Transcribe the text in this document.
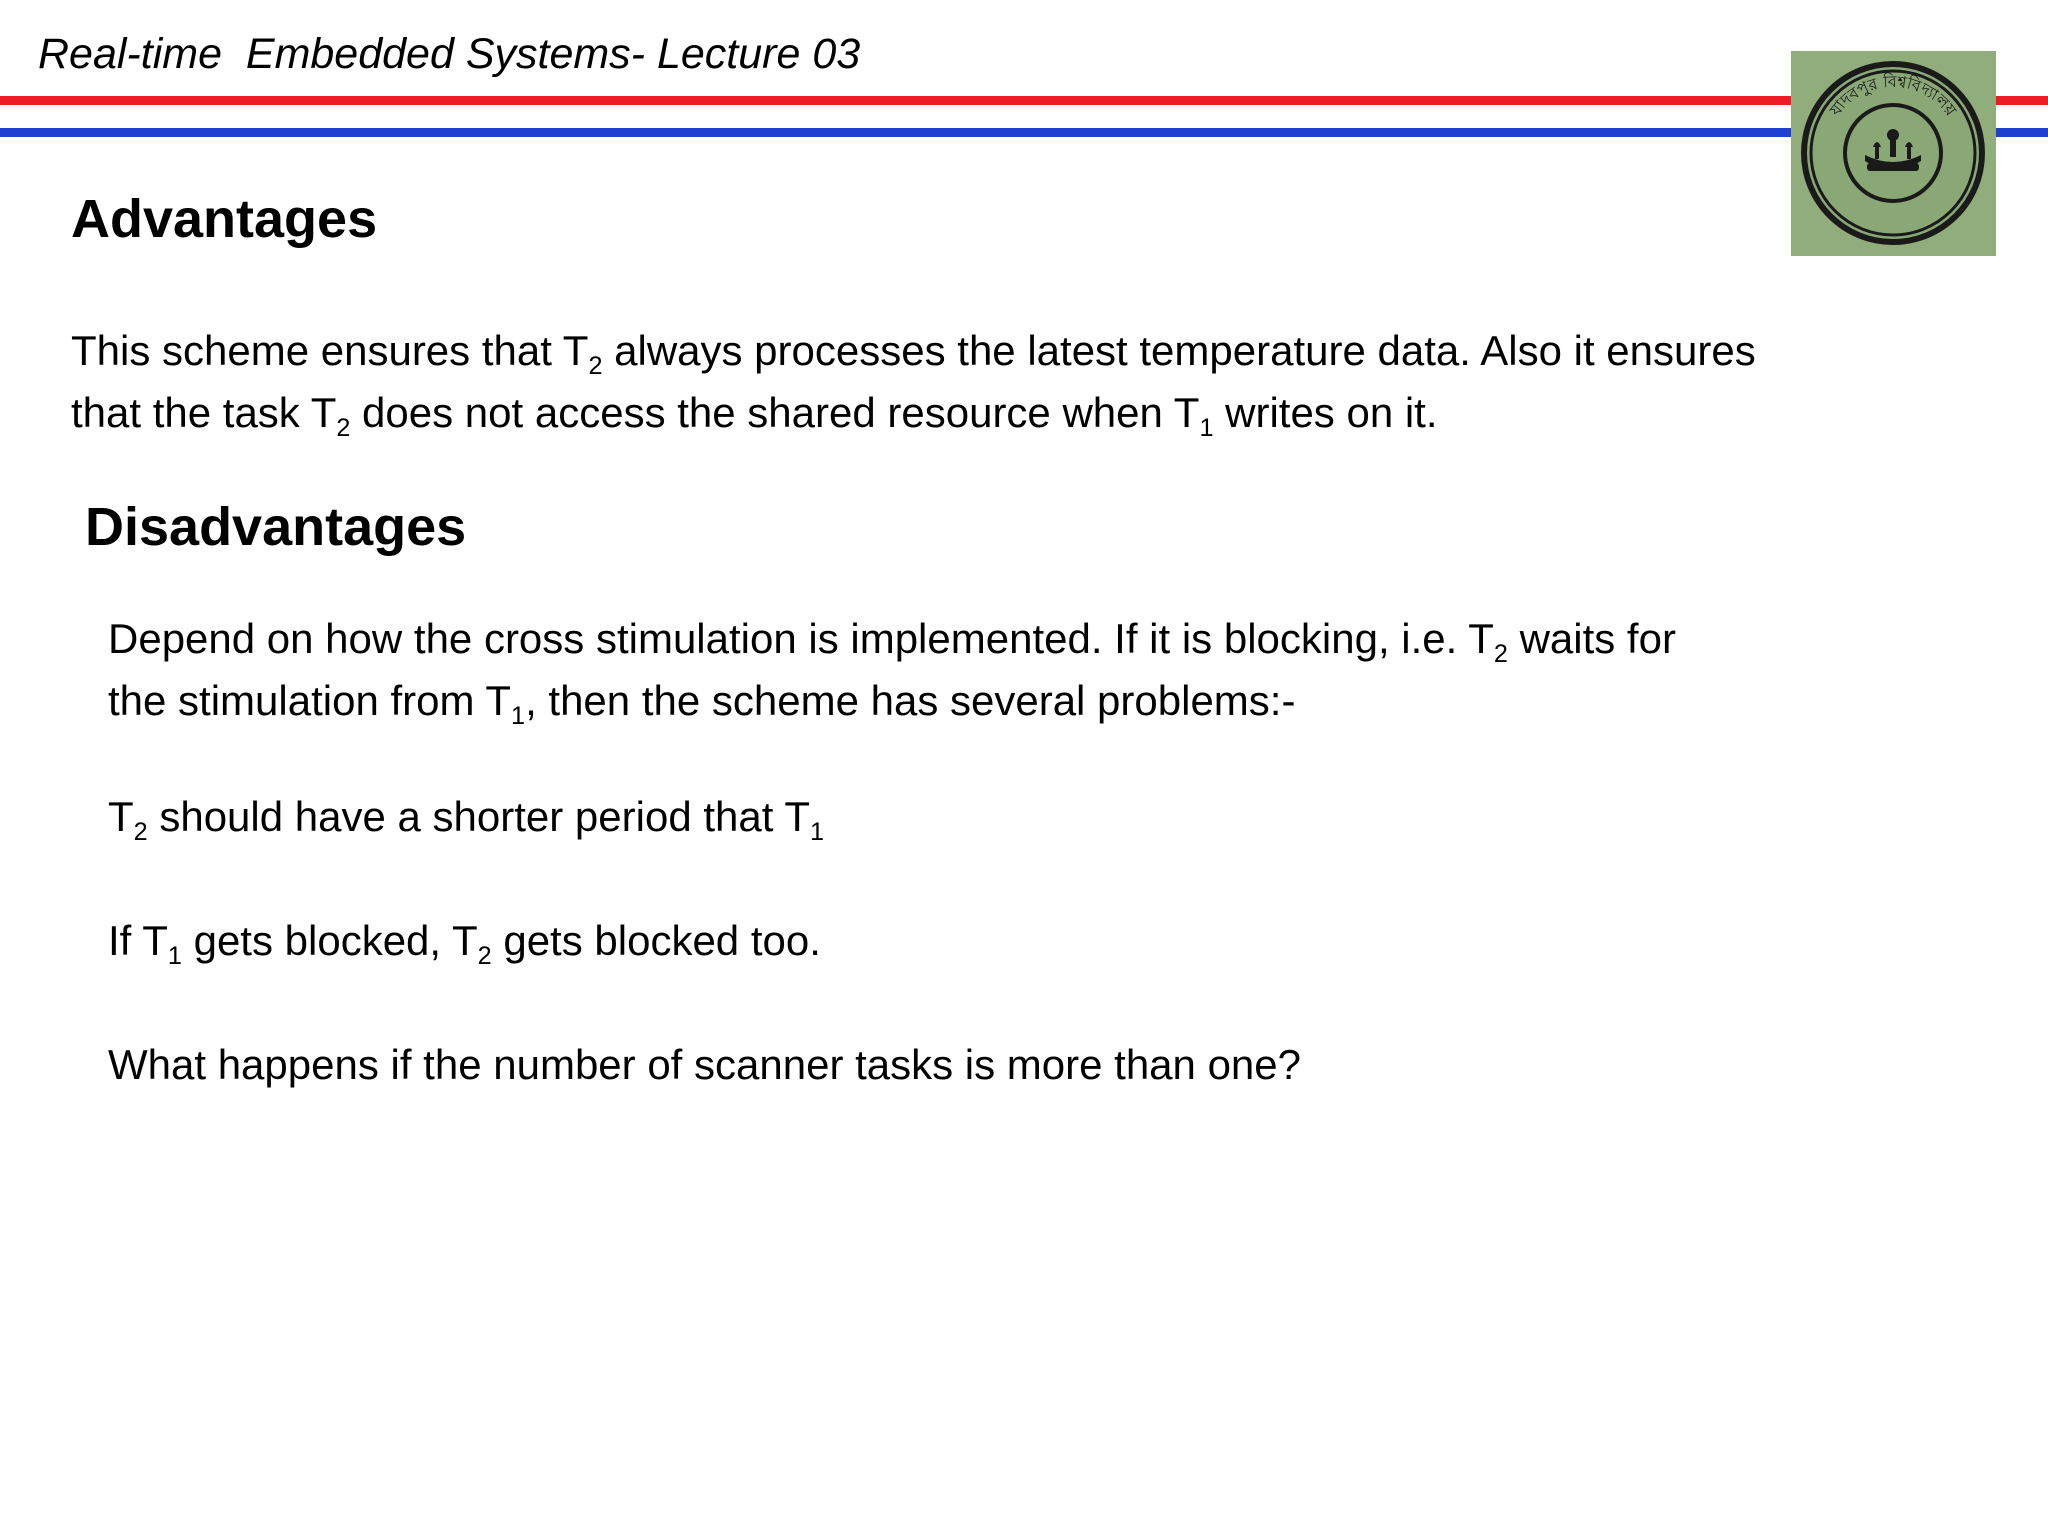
Real-time  Embedded Systems- Lecture 03
যাদবপুর বিশ্ববিদ্যালয়
Advantages
This scheme ensures that $T_2$ always processes the latest temperature data. Also it ensures
that the task $T_2$ does not access the shared resource when $T_1$ writes on it.
Disadvantages
Depend on how the cross stimulation is implemented. If it is blocking, i.e. $T_2$ waits for
the stimulation from $T_1$, then the scheme has several problems:-
$T_2$ should have a shorter period that $T_1$
If $T_1$ gets blocked, $T_2$ gets blocked too.
What happens if the number of scanner tasks is more than one?
